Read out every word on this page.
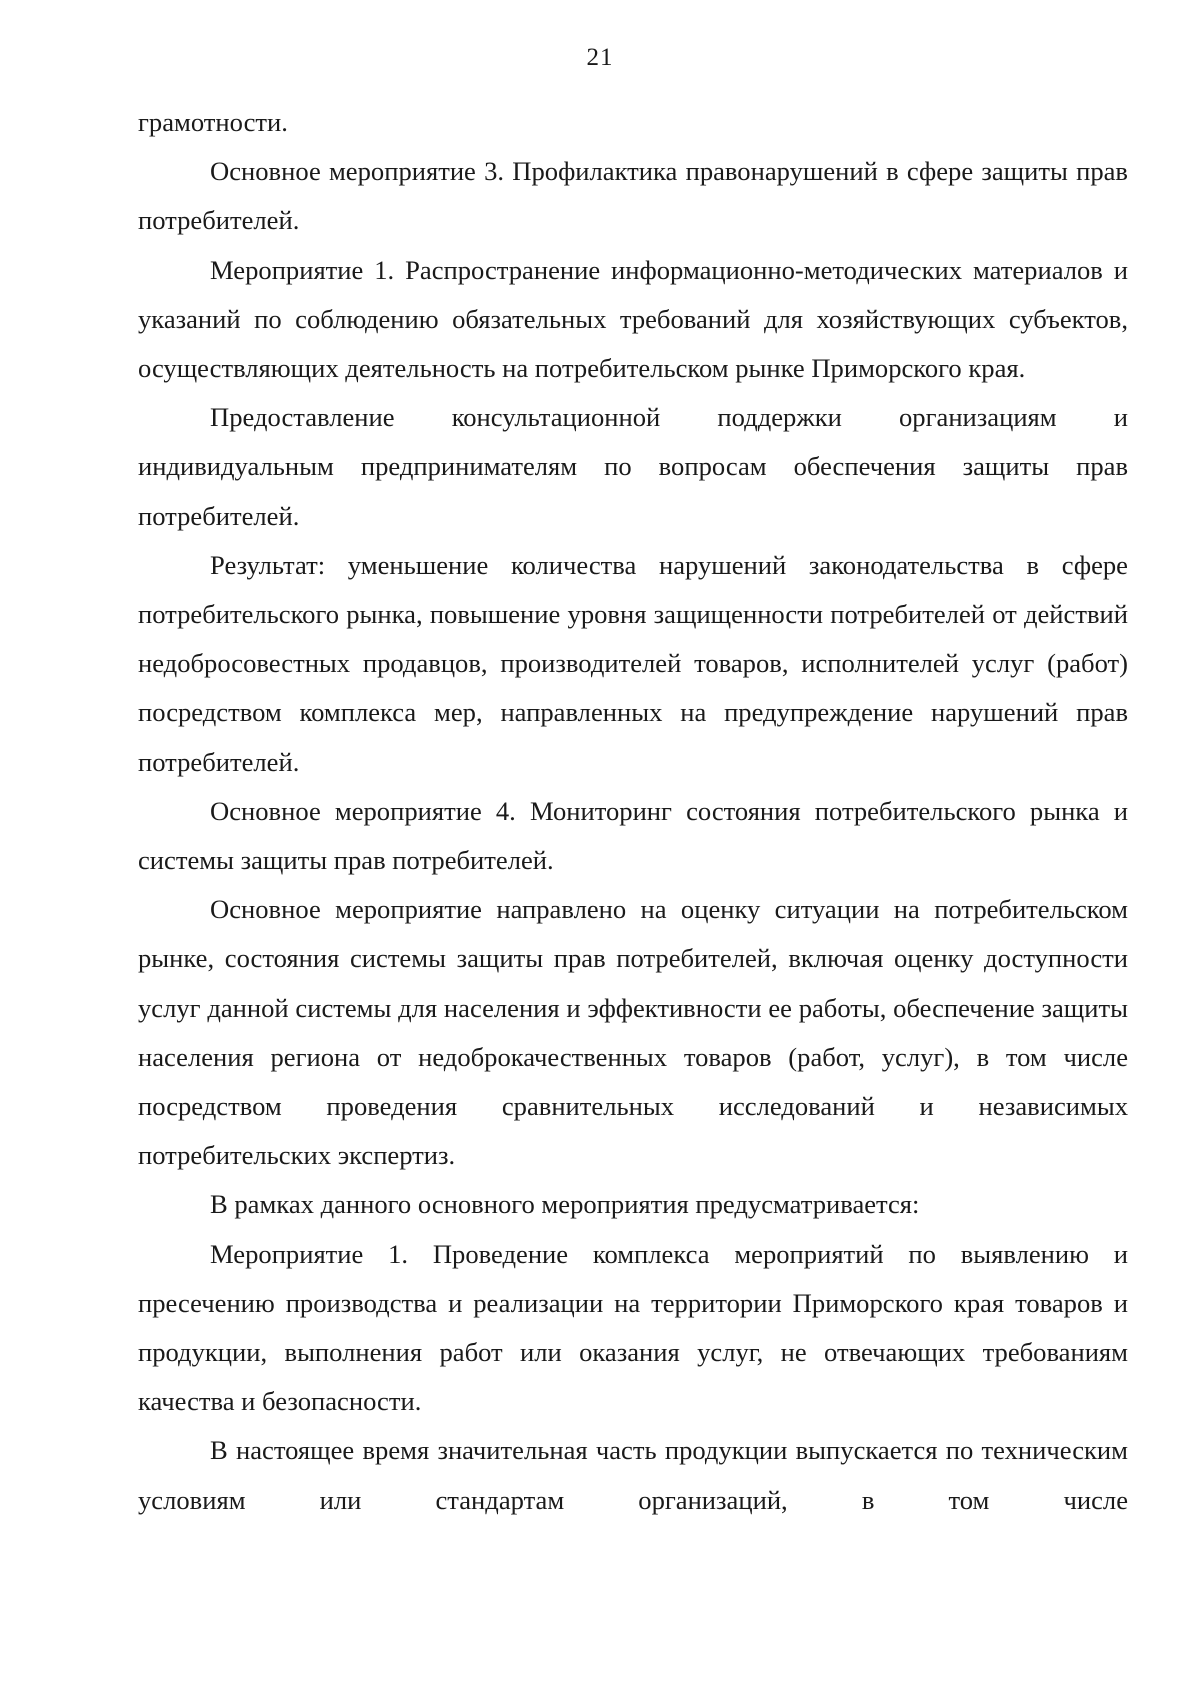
21

грамотности.

Основное мероприятие 3. Профилактика правонарушений в сфере защиты прав потребителей.

Мероприятие 1. Распространение информационно-методических материалов и указаний по соблюдению обязательных требований для хозяйствующих субъектов, осуществляющих деятельность на потребительском рынке Приморского края.

Предоставление консультационной поддержки организациям и индивидуальным предпринимателям по вопросам обеспечения защиты прав потребителей.

Результат: уменьшение количества нарушений законодательства в сфере потребительского рынка, повышение уровня защищенности потребителей от действий недобросовестных продавцов, производителей товаров, исполнителей услуг (работ) посредством комплекса мер, направленных на предупреждение нарушений прав потребителей.

Основное мероприятие 4. Мониторинг состояния потребительского рынка и системы защиты прав потребителей.

Основное мероприятие направлено на оценку ситуации на потребительском рынке, состояния системы защиты прав потребителей, включая оценку доступности услуг данной системы для населения и эффективности ее работы, обеспечение защиты населения региона от недоброкачественных товаров (работ, услуг), в том числе посредством проведения сравнительных исследований и независимых потребительских экспертиз.

В рамках данного основного мероприятия предусматривается:

Мероприятие 1. Проведение комплекса мероприятий по выявлению и пресечению производства и реализации на территории Приморского края товаров и продукции, выполнения работ или оказания услуг, не отвечающих требованиям качества и безопасности.

В настоящее время значительная часть продукции выпускается по техническим условиям или стандартам организаций, в том числе
